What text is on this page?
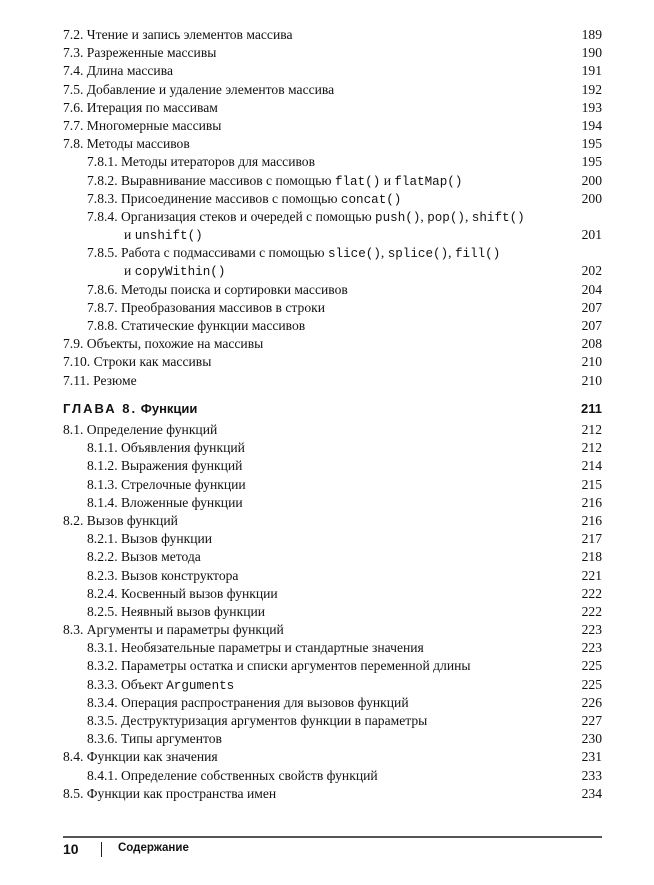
7.2. Чтение и запись элементов массива	189
7.3. Разреженные массивы	190
7.4. Длина массива	191
7.5. Добавление и удаление элементов массива	192
7.6. Итерация по массивам	193
7.7. Многомерные массивы	194
7.8. Методы массивов	195
7.8.1. Методы итераторов для массивов	195
7.8.2. Выравнивание массивов с помощью flat() и flatMap()	200
7.8.3. Присоединение массивов с помощью concat()	200
7.8.4. Организация стеков и очередей с помощью push(), pop(), shift()
и unshift()	201
7.8.5. Работа с подмассивами с помощью slice(), splice(), fill()
и copyWithin()	202
7.8.6. Методы поиска и сортировки массивов	204
7.8.7. Преобразования массивов в строки	207
7.8.8. Статические функции массивов	207
7.9. Объекты, похожие на массивы	208
7.10. Строки как массивы	210
7.11. Резюме	210
ГЛАВА 8. Функции	211
8.1. Определение функций	212
8.1.1. Объявления функций	212
8.1.2. Выражения функций	214
8.1.3. Стрелочные функции	215
8.1.4. Вложенные функции	216
8.2. Вызов функций	216
8.2.1. Вызов функции	217
8.2.2. Вызов метода	218
8.2.3. Вызов конструктора	221
8.2.4. Косвенный вызов функции	222
8.2.5. Неявный вызов функции	222
8.3. Аргументы и параметры функций	223
8.3.1. Необязательные параметры и стандартные значения	223
8.3.2. Параметры остатка и списки аргументов переменной длины	225
8.3.3. Объект Arguments	225
8.3.4. Операция распространения для вызовов функций	226
8.3.5. Деструктуризация аргументов функции в параметры	227
8.3.6. Типы аргументов	230
8.4. Функции как значения	231
8.4.1. Определение собственных свойств функций	233
8.5. Функции как пространства имен	234
10	Содержание
